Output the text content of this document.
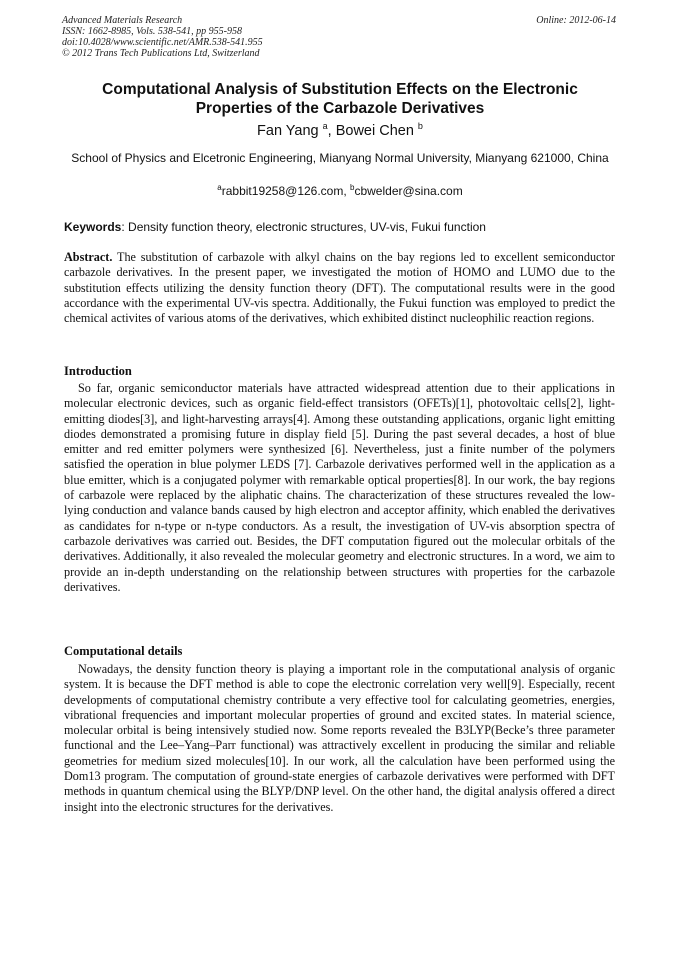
Advanced Materials Research
ISSN: 1662-8985, Vols. 538-541, pp 955-958
doi:10.4028/www.scientific.net/AMR.538-541.955
© 2012 Trans Tech Publications Ltd, Switzerland
Online: 2012-06-14
Computational Analysis of Substitution Effects on the Electronic Properties of the Carbazole Derivatives
Fan Yang $^a$, Bowei Chen $^b$
School of Physics and Elcetronic Engineering, Mianyang Normal University, Mianyang 621000, China
$^a$rabbit19258@126.com, $^b$cbwelder@sina.com
Keywords: Density function theory, electronic structures, UV-vis, Fukui function
Abstract. The substitution of carbazole with alkyl chains on the bay regions led to excellent semiconductor carbazole derivatives. In the present paper, we investigated the motion of HOMO and LUMO due to the substitution effects utilizing the density function theory (DFT). The computational results were in the good accordance with the experimental UV-vis spectra. Additionally, the Fukui function was employed to predict the chemical activites of various atoms of the derivatives, which exhibited distinct nucleophilic reaction regions.
Introduction
So far, organic semiconductor materials have attracted widespread attention due to their applications in molecular electronic devices, such as organic field-effect transistors (OFETs)[1], photovoltaic cells[2], light-emitting diodes[3], and light-harvesting arrays[4]. Among these outstanding applications, organic light emitting diodes demonstrated a promising future in display field [5]. During the past several decades, a host of blue emitter and red emitter polymers were synthesized [6]. Nevertheless, just a finite number of the polymers satisfied the operation in blue polymer LEDS [7]. Carbazole derivatives performed well in the application as a blue emitter, which is a conjugated polymer with remarkable optical properties[8]. In our work, the bay regions of carbazole were replaced by the aliphatic chains. The characterization of these structures revealed the low-lying conduction and valance bands caused by high electron and acceptor affinity, which enabled the derivatives as candidates for n-type or n-type conductors. As a result, the investigation of UV-vis absorption spectra of carbazole derivatives was carried out. Besides, the DFT computation figured out the molecular orbitals of the derivatives. Additionally, it also revealed the molecular geometry and electronic structures. In a word, we aim to provide an in-depth understanding on the relationship between structures with properties for the carbazole derivatives.
Computational details
Nowadays, the density function theory is playing a important role in the computational analysis of organic system. It is because the DFT method is able to cope the electronic correlation very well[9]. Especially, recent developments of computational chemistry contribute a very effective tool for calculating geometries, energies, vibrational frequencies and important molecular properties of ground and excited states. In material science, molecular orbital is being intensively studied now. Some reports revealed the B3LYP(Becke’s three parameter functional and the Lee–Yang–Parr functional) was attractively excellent in producing the similar and reliable geometries for medium sized molecules[10]. In our work, all the calculation have been performed using the Dom13 program. The computation of ground-state energies of carbazole derivatives were performed with DFT methods in quantum chemical using the BLYP/DNP level. On the other hand, the digital analysis offered a direct insight into the electronic structures for the derivatives.
